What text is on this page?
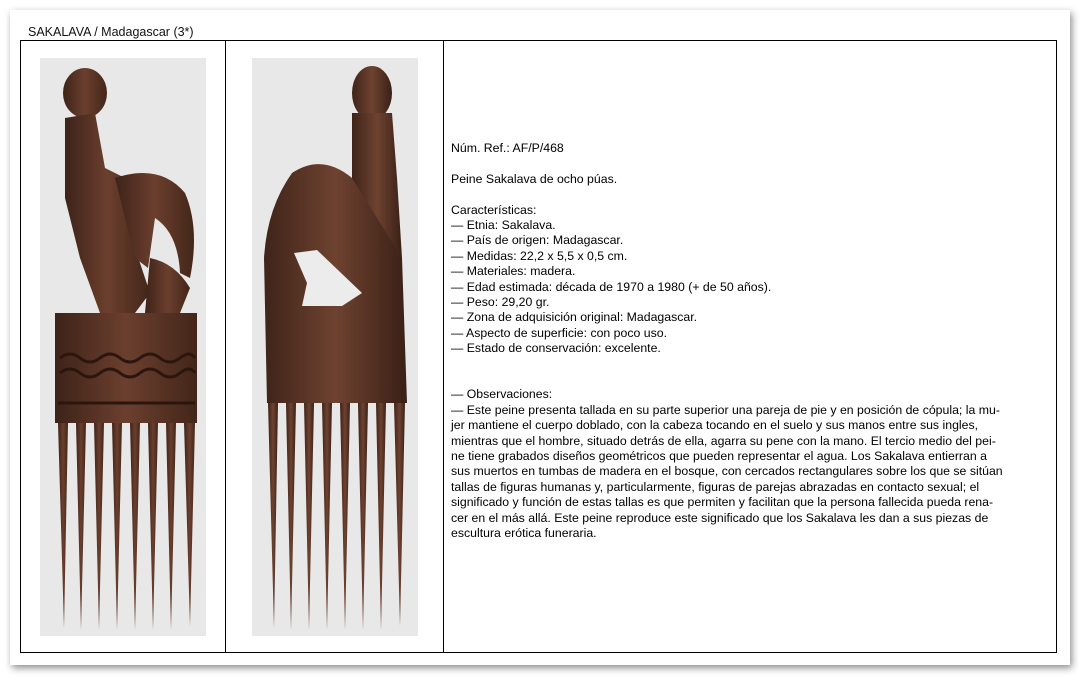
SAKALAVA / Madagascar (3*)

Núm. Ref.: AF/P/468

Peine Sakalava de ocho púas.

Características:

— Etnia: Sakalava.

— País de origen: Madagascar.

— Medidas: 22,2 x 5,5 x 0,5 cm.

— Materiales: madera.

— Edad estimada: década de 1970 a 1980 (+ de 50 años).

— Peso: 29,20 gr.

— Zona de adquisición original: Madagascar.

— Aspecto de superficie: con poco uso.

— Estado de conservación: excelente.

— Observaciones:

— Este peine presenta tallada en su parte superior una pareja de pie y en posición de cópula; la mu-

jer mantiene el cuerpo doblado, con la cabeza tocando en el suelo y sus manos entre sus ingles,

mientras que el hombre, situado detrás de ella, agarra su pene con la mano. El tercio medio del pei-

ne tiene grabados diseños geométricos que pueden representar el agua. Los Sakalava entierran a

sus muertos en tumbas de madera en el bosque, con cercados rectangulares sobre los que se sitúan

tallas de figuras humanas y, particularmente, figuras de parejas abrazadas en contacto sexual; el

significado y función de estas tallas es que permiten y facilitan que la persona fallecida pueda rena-

cer en el más allá. Este peine reproduce este significado que los Sakalava les dan a sus piezas de

escultura erótica funeraria.
